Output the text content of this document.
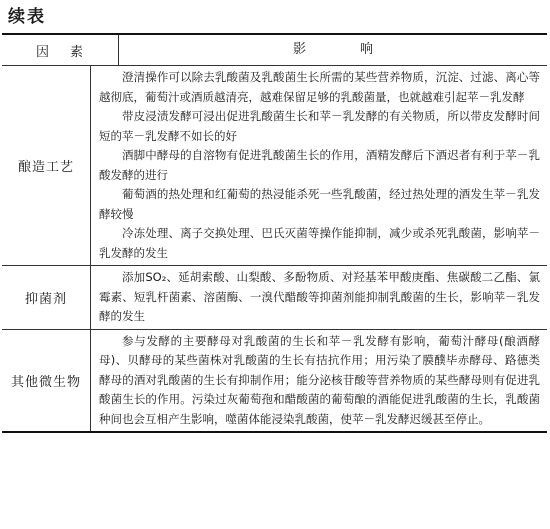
续表
因 素	影	响
酿造工艺
澄清操作可以除去乳酸菌及乳酸菌生长所需的某些营养物质，沉淀、过滤、离心等越彻底，葡萄汁或酒质越清亮，越难保留足够的乳酸菌量，也就越难引起苹－乳发酵
带皮浸渍发酵可浸出促进乳酸菌生长和苹－乳发酵的有关物质，所以带皮发酵时间短的苹－乳发酵不如长的好
酒脚中酵母的自溶物有促进乳酸菌生长的作用，酒精发酵后下酒迟者有利于苹－乳酸发酵的进行
葡萄酒的热处理和红葡萄的热浸能杀死一些乳酸菌，经过热处理的酒发生苹－乳发酵较慢
冷冻处理、离子交换处理、巴氏灭菌等操作能抑制，减少或杀死乳酸菌，影响苹－乳发酵的发生
抑菌剂
添加SO₂、延胡索酸、山梨酸、多酚物质、对羟基苯甲酸庚酯、焦碳酸二乙酯、氯霉素、短乳杆菌素、溶菌酶、一溴代醋酸等抑菌剂能抑制乳酸菌的生长，影响苹－乳发酵的发生
其他微生物
参与发酵的主要酵母对乳酸菌的生长和苹－乳发酵有影响，葡萄汁酵母(酿酒酵母)、贝酵母的某些菌株对乳酸菌的生长有拮抗作用；用污染了膜醭毕赤酵母、路德类酵母的酒对乳酸菌的生长有抑制作用；能分泌核苷酸等营养物质的某些酵母则有促进乳酸菌生长的作用。污染过灰葡萄孢和醋酸菌的葡萄酿的酒能促进乳酸菌的生长，乳酸菌种间也会互相产生影响，噬菌体能浸染乳酸菌，使苹－乳发酵迟缓甚至停止。
